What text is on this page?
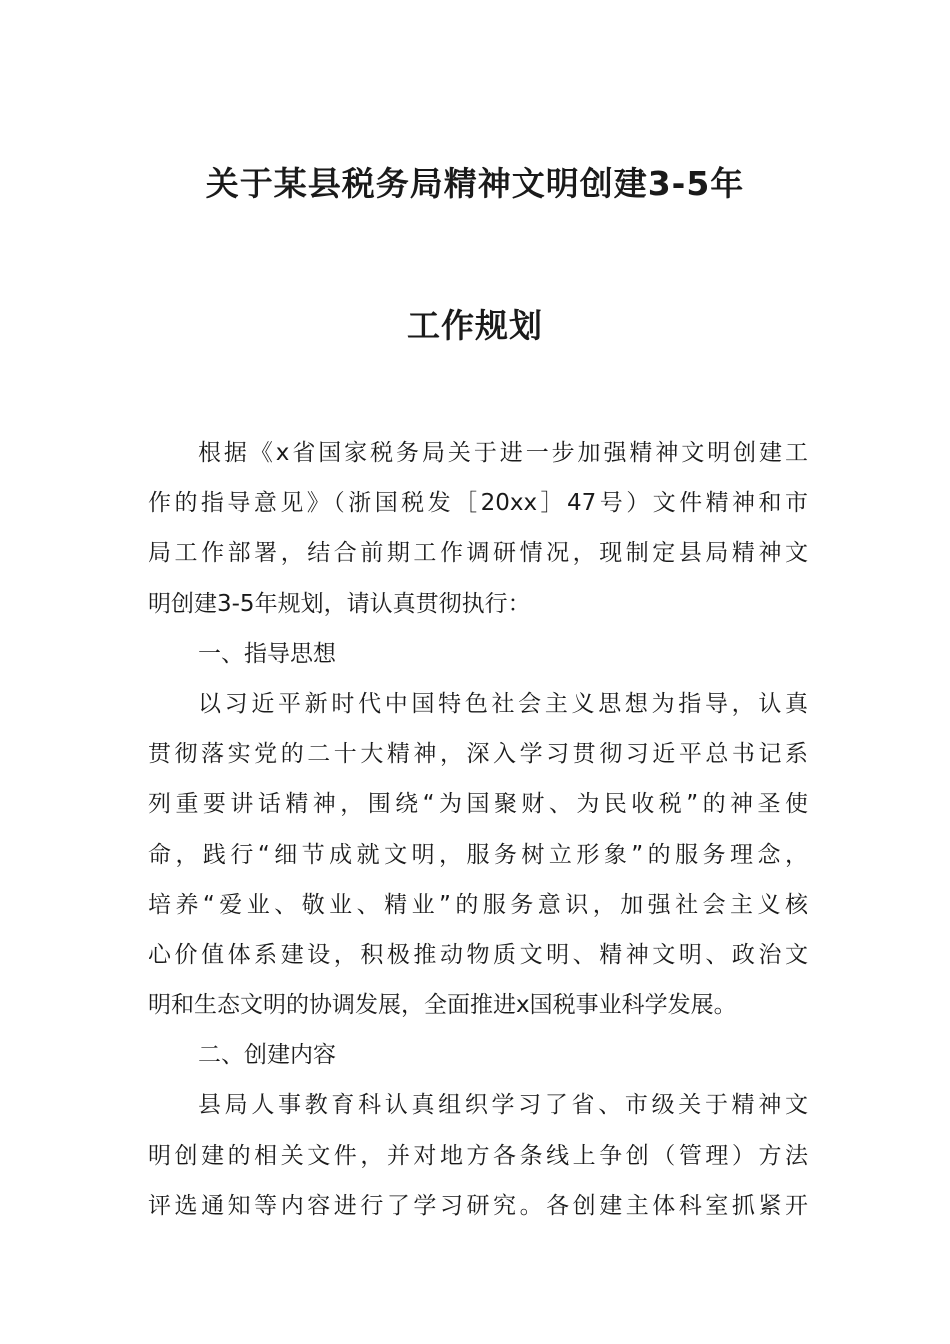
关于某县税务局精神文明创建3-5年
工作规划
根据《x省国家税务局关于进一步加强精神文明创建工
作的指导意见》（浙国税发［20xx］47号）文件精神和市
局工作部署，结合前期工作调研情况，现制定县局精神文
明创建3-5年规划，请认真贯彻执行：
一、指导思想
以习近平新时代中国特色社会主义思想为指导，认真
贯彻落实党的二十大精神，深入学习贯彻习近平总书记系
列重要讲话精神，围绕“为国聚财、为民收税”的神圣使
命，践行“细节成就文明，服务树立形象”的服务理念，
培养“爱业、敬业、精业”的服务意识，加强社会主义核
心价值体系建设，积极推动物质文明、精神文明、政治文
明和生态文明的协调发展，全面推进x国税事业科学发展。
二、创建内容
县局人事教育科认真组织学习了省、市级关于精神文
明创建的相关文件，并对地方各条线上争创（管理）方法
评选通知等内容进行了学习研究。各创建主体科室抓紧开
